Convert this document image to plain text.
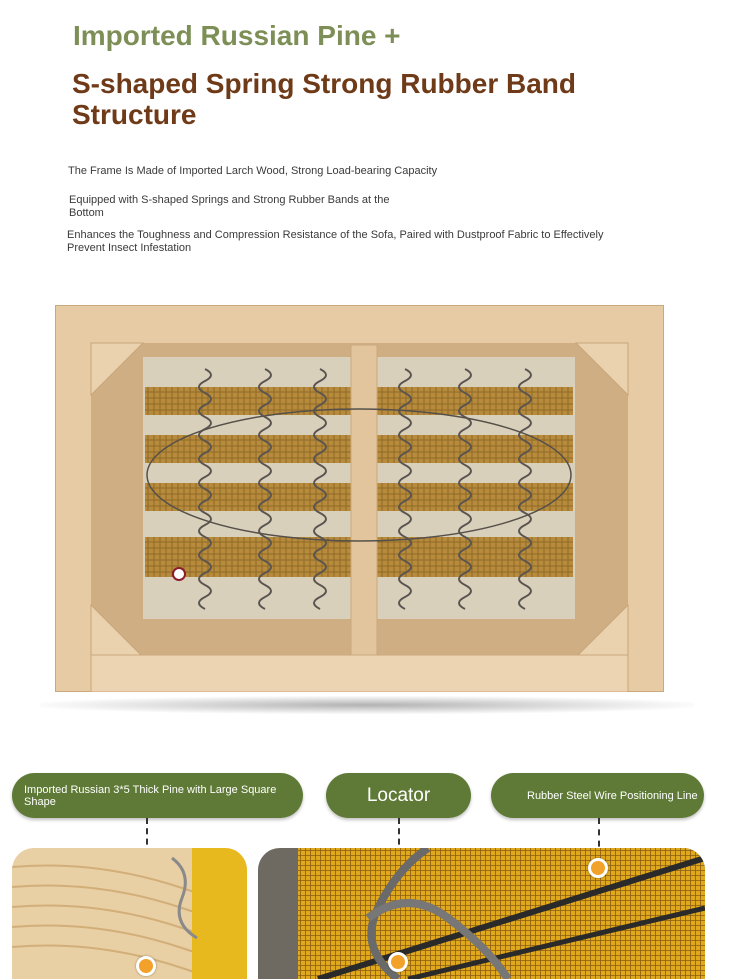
Imported Russian Pine +
S-shaped Spring Strong Rubber Band Structure
The Frame Is Made of Imported Larch Wood, Strong Load-bearing Capacity
Equipped with S-shaped Springs and Strong Rubber Bands at the Bottom
Enhances the Toughness and Compression Resistance of the Sofa, Paired with Dustproof Fabric to Effectively Prevent Insect Infestation
Imported Russian 3*5 Thick Pine with Large Square Shape	Locator	Rubber Steel Wire Positioning Line
